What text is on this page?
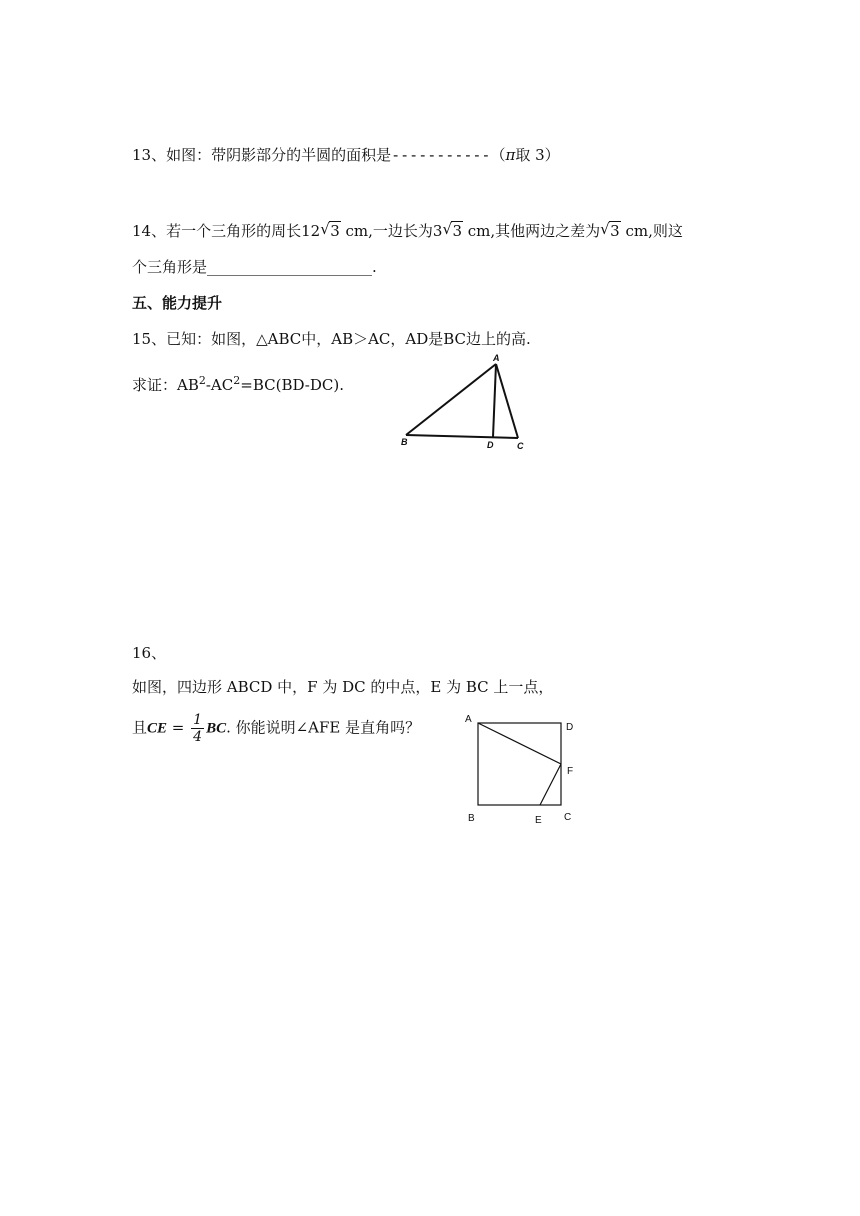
13、如图：带阴影部分的半圆的面积是-----------（π取 3）
14、若一个三角形的周长12 √ 3 cm,一边长为3 √ 3 cm,其他两边之差为 √ 3 cm,则这
个三角形是______________________.
五、能力提升
15、已知：如图，△ABC中，AB＞AC，AD是BC边上的高.
求证：$AB^2-AC^2=BC(BD-DC)$.
A
B	D	C
16、
如图，四边形 ABCD 中，F 为 DC 的中点，E 为 BC 上一点，
且CE = $\frac{1}{4}$ BC. 你能说明∠AFE 是直角吗？	A
D
F
B	E C
